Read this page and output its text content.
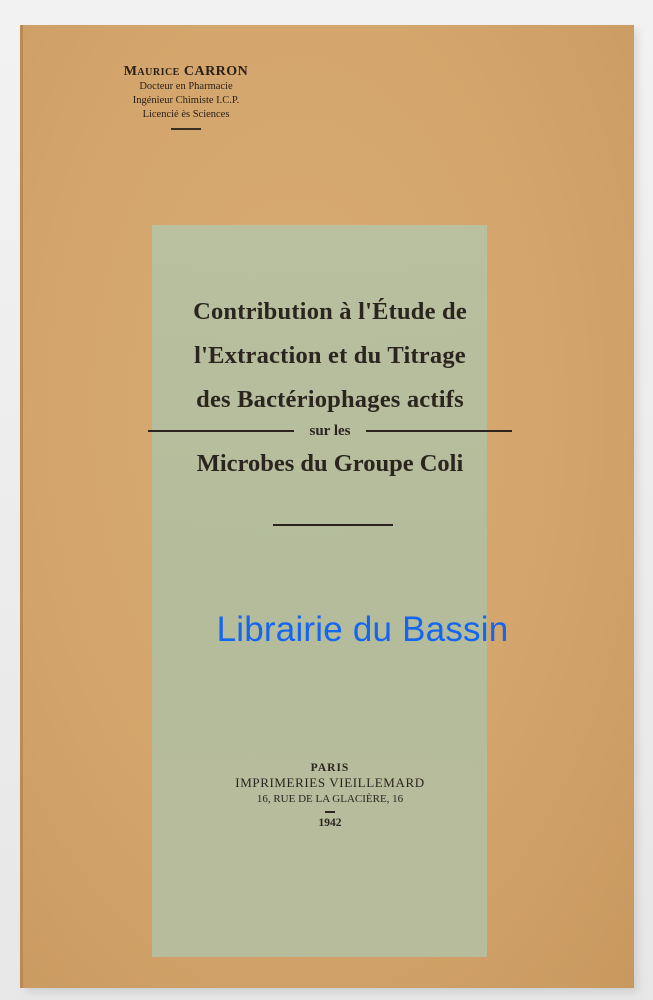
Maurice CARRON
Docteur en Pharmacie
Ingénieur Chimiste I.C.P.
Licencié ès Sciences
Contribution à l'Étude de
l'Extraction et du Titrage
des Bactériophages actifs
sur les
Microbes du Groupe Coli
Librairie du Bassin
PARIS
IMPRIMERIES VIEILLEMARD
16, RUE DE LA GLACIÈRE, 16
1942
